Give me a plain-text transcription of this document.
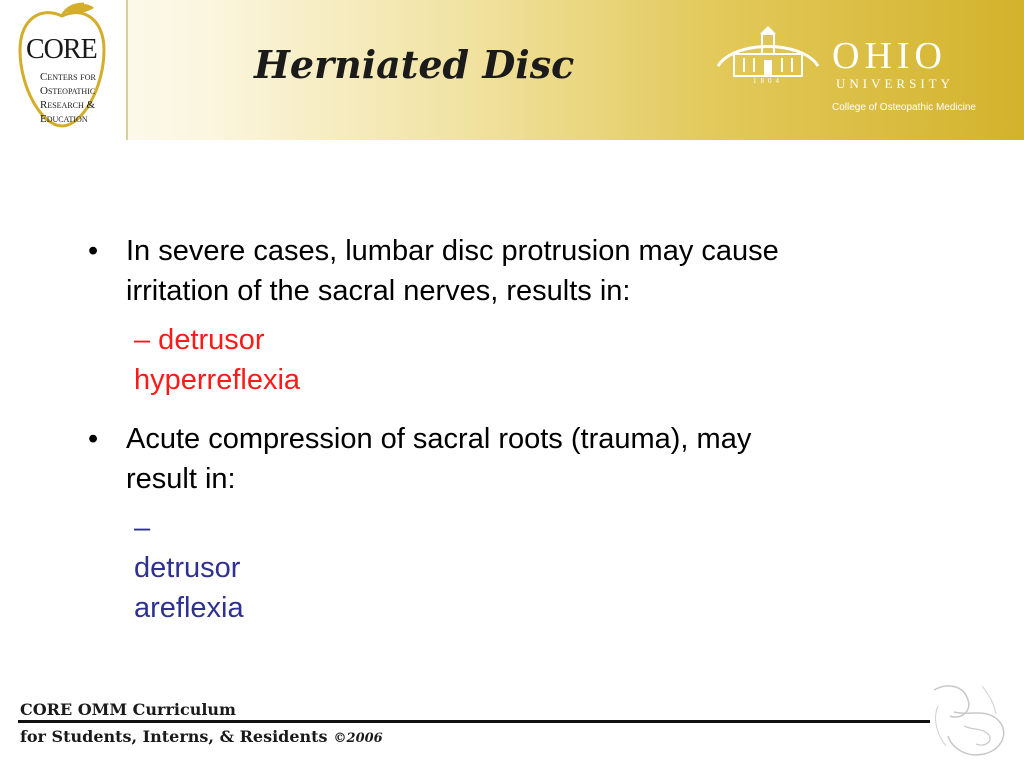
CORE
Centers for
Osteopathic
Research &
Education
Herniated Disc	1804
OHIO
UNIVERSITY
College of Osteopathic Medicine
• In severe cases, lumbar disc protrusion may cause
irritation of the sacral nerves, results in:
– detrusor hyperreflexia
• Acute compression of sacral roots (trauma), may
result in:
– detrusor areflexia
CORE OMM Curriculum
for Students, Interns, & Residents ©2006
